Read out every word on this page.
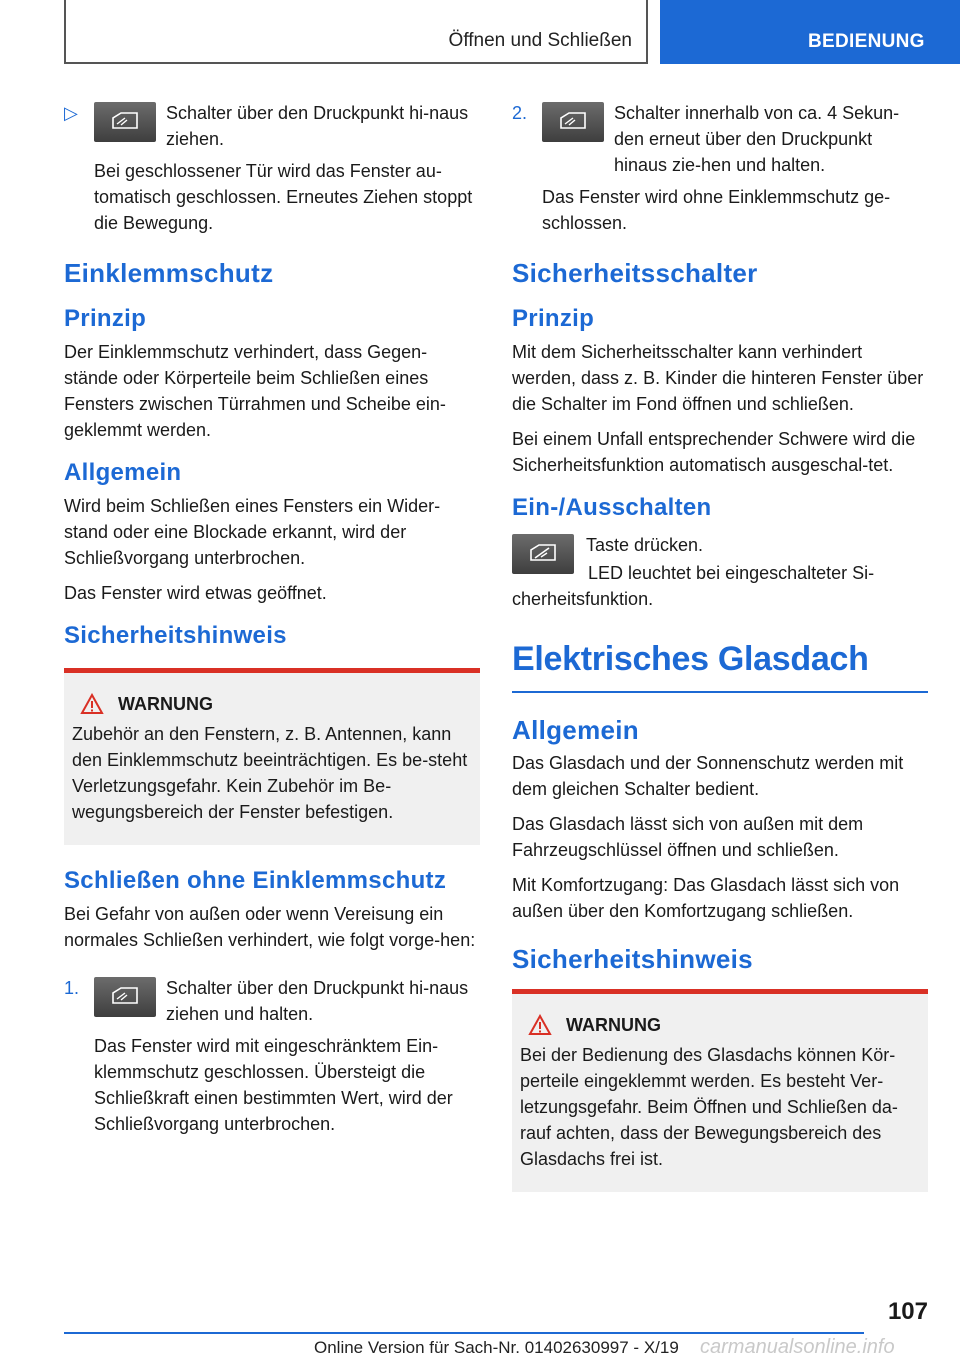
Öffnen und Schließen	BEDIENUNG
▷	Schalter über den Druckpunkt hi-naus ziehen.

Bei geschlossener Tür wird das Fenster au-tomatisch geschlossen. Erneutes Ziehen stoppt die Bewegung.

Einklemmschutz
Prinzip

Der Einklemmschutz verhindert, dass Gegen-stände oder Körperteile beim Schließen eines Fensters zwischen Türrahmen und Scheibe ein-geklemmt werden.

Allgemein

Wird beim Schließen eines Fensters ein Wider-stand oder eine Blockade erkannt, wird der Schließvorgang unterbrochen.

Das Fenster wird etwas geöffnet.

Sicherheitshinweis
WARNUNG

Zubehör an den Fenstern, z. B. Antennen, kann den Einklemmschutz beeinträchtigen. Es be-steht Verletzungsgefahr. Kein Zubehör im Be-wegungsbereich der Fenster befestigen.

Schließen ohne Einklemmschutz

Bei Gefahr von außen oder wenn Vereisung ein normales Schließen verhindert, wie folgt vorge-hen:

1.	Schalter über den Druckpunkt hi-naus ziehen und halten.

Das Fenster wird mit eingeschränktem Ein-klemmschutz geschlossen. Übersteigt die Schließkraft einen bestimmten Wert, wird der Schließvorgang unterbrochen.

2.	Schalter innerhalb von ca. 4 Sekun-den erneut über den Druckpunkt hinaus zie-hen und halten.

Das Fenster wird ohne Einklemmschutz ge-schlossen.

Sicherheitsschalter
Prinzip

Mit dem Sicherheitsschalter kann verhindert werden, dass z. B. Kinder die hinteren Fenster über die Schalter im Fond öffnen und schließen.

Bei einem Unfall entsprechender Schwere wird die Sicherheitsfunktion automatisch ausgeschal-tet.

Ein-/Ausschalten
Taste drücken.

LED leuchtet bei eingeschalteter Si-cherheitsfunktion.

Elektrisches Glasdach
Allgemein

Das Glasdach und der Sonnenschutz werden mit dem gleichen Schalter bedient.

Das Glasdach lässt sich von außen mit dem Fahrzeugschlüssel öffnen und schließen.

Mit Komfortzugang: Das Glasdach lässt sich von außen über den Komfortzugang schließen.

Sicherheitshinweis
WARNUNG

Bei der Bedienung des Glasdachs können Kör-perteile eingeklemmt werden. Es besteht Ver-letzungsgefahr. Beim Öffnen und Schließen da-rauf achten, dass der Bewegungsbereich des Glasdachs frei ist.

107
Online Version für Sach-Nr. 01402630997 - X/19 carmanualsonline.info
